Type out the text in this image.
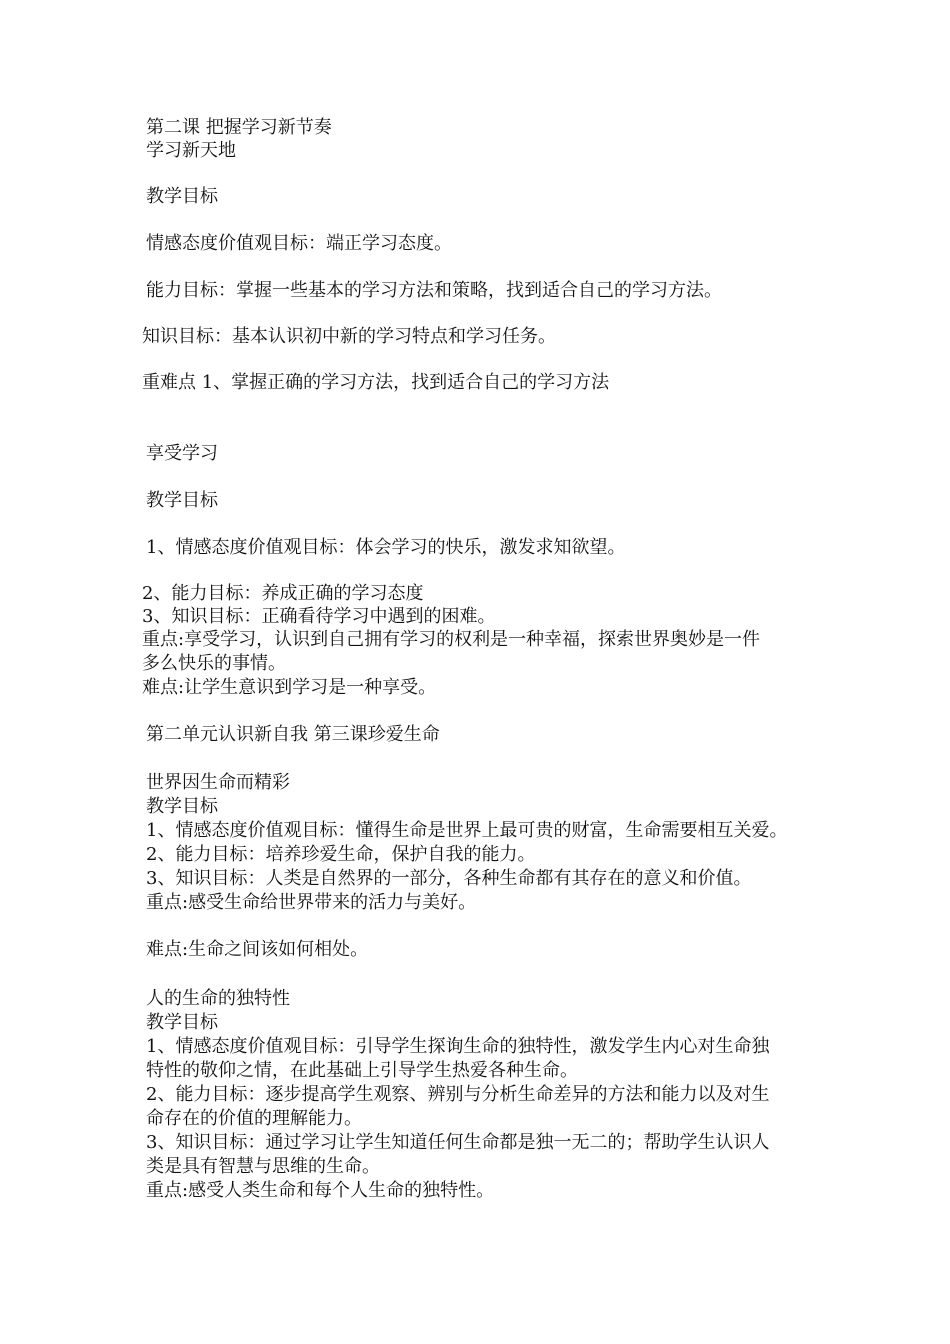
第二课 把握学习新节奏
学习新天地
教学目标
情感态度价值观目标：端正学习态度。
能力目标：掌握一些基本的学习方法和策略，找到适合自己的学习方法。
知识目标：基本认识初中新的学习特点和学习任务。
重难点 1、掌握正确的学习方法，找到适合自己的学习方法
享受学习
教学目标
1、情感态度价值观目标：体会学习的快乐，激发求知欲望。
2、能力目标：养成正确的学习态度
3、知识目标：正确看待学习中遇到的困难。
重点:享受学习，认识到自己拥有学习的权利是一种幸福，探索世界奥妙是一件
多么快乐的事情。
难点:让学生意识到学习是一种享受。
第二单元认识新自我 第三课珍爱生命
世界因生命而精彩
教学目标
1、情感态度价值观目标：懂得生命是世界上最可贵的财富，生命需要相互关爱。
2、能力目标：培养珍爱生命，保护自我的能力。
3、知识目标：人类是自然界的一部分，各种生命都有其存在的意义和价值。
重点:感受生命给世界带来的活力与美好。
难点:生命之间该如何相处。
人的生命的独特性
教学目标
1、情感态度价值观目标：引导学生探询生命的独特性，激发学生内心对生命独
特性的敬仰之情，在此基础上引导学生热爱各种生命。
2、能力目标：逐步提高学生观察、辨别与分析生命差异的方法和能力以及对生
命存在的价值的理解能力。
3、知识目标：通过学习让学生知道任何生命都是独一无二的；帮助学生认识人
类是具有智慧与思维的生命。
重点:感受人类生命和每个人生命的独特性。
